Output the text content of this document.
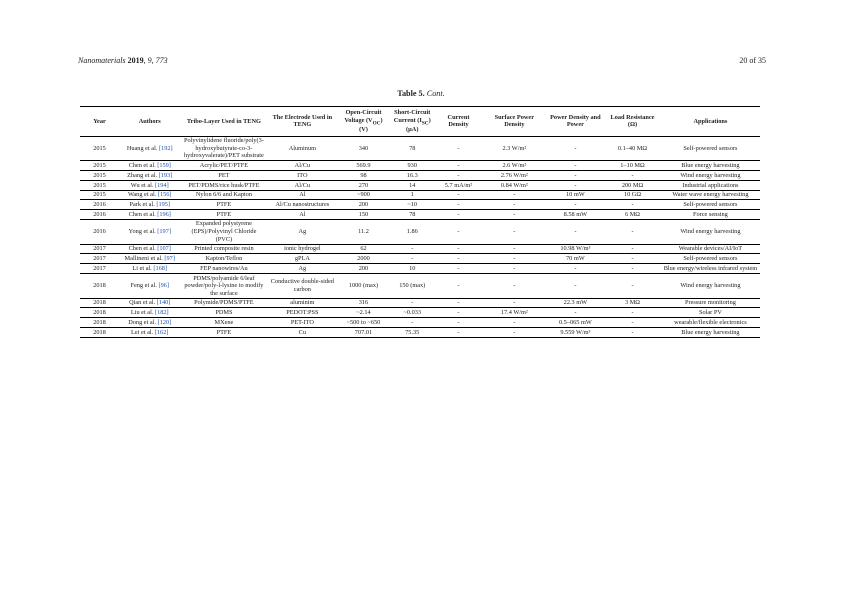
Nanomaterials 2019, 9, 773	20 of 35
Table 5. Cont.
Year	Authors	Tribo-Layer Used in TENG	The Electrode Used in TENG	Open-Circuit Voltage $(V_{OC})$ (V)	Short-Circuit Current $(I_{SC})$ (µA)	Current Density	Surface Power Density	Power Density and Power	Load Resistance (Ω)	Applications
2015	Huang et al. [192]	Polyvinylidene fluoride/poly(3-hydroxybutyrate-co-3-hydroxyvalerate)/PET substrate	Aluminum	340	78	-	2.3 W/m²	-	0.1–40 MΩ	Self-powered sensors
2015	Chen et al. [159]	Acrylic/PET/PTFE	Al/Cu	569.9	930	-	2.6 W/m²	-	1–10 MΩ	Blue energy harvesting
2015	Zhang et al. [193]	PET	ITO	98	16.3	-	2.76 W/m²	-	-	Wind energy harvesting
2015	Wu et al. [194]	PET/PDMS/rice husk/PTFE	Al/Cu	270	14	5.7 mA/m²	0.84 W/m²	-	200 MΩ	Industrial applications
2015	Wang et al. [156]	Nylon 6/6 and Kapton	Al	~900	1	-	-	10 mW	10 GΩ	Water wave energy harvesting
2016	Park et al. [195]	PTFE	Al/Cu nanostructures	200	~10	-	-	-	-	Self-powered sensors
2016	Chen et al. [196]	PTFE	Al	150	78	-	-	8.58 mW	6 MΩ	Force sensing
2016	Yong et al. [197]	Expanded polystyrene (EPS)/Polyvinyl Chloride (PVC)	Ag	11.2	1.86	-	-	-	-	Wind energy harvesting
2017	Chen et al. [107]	Printed composite resin	ionic hydrogel	62	-	-	-	10.98 W/m³	-	Wearable devices/AI/IoT
2017	Mallineni et al. [97]	Kapton/Teflon	gPLA	2000	-	-	-	70 mW	-	Self-powered sensors
2017	Li et al. [168]	FEP nanowires/Au	Ag	200	10	-	-	-	-	Blue energy/wireless infrared system
2018	Feng et al. [96]	PDMS/polyamide 6/leaf powder/poly-l-lysine to modify the surface	Conductive double-sided carbon	1000 (max)	150 (max)	-	-	-	-	Wind energy harvesting
2018	Qian et al. [140]	Polymide/PDMS/PTFE	aluminim	316	-	-	-	22.3 mW	3 MΩ	Pressure monitoring
2018	Liu et al. [182]	PDMS	PEDOT:PSS	~2.14	~0.033	-	17.4 W/m²	-	-	Solar PV
2018	Dong et al. [120]	MXene	PET-ITO	~500 to ~650	-	-	-	0.5–065 mW	-	wearable/flexible electronics
2018	Lei et al. [162]	PTFE	Cu	707.01	75.35	-	-	9.559 W/m³	-	Blue energy harvesting
